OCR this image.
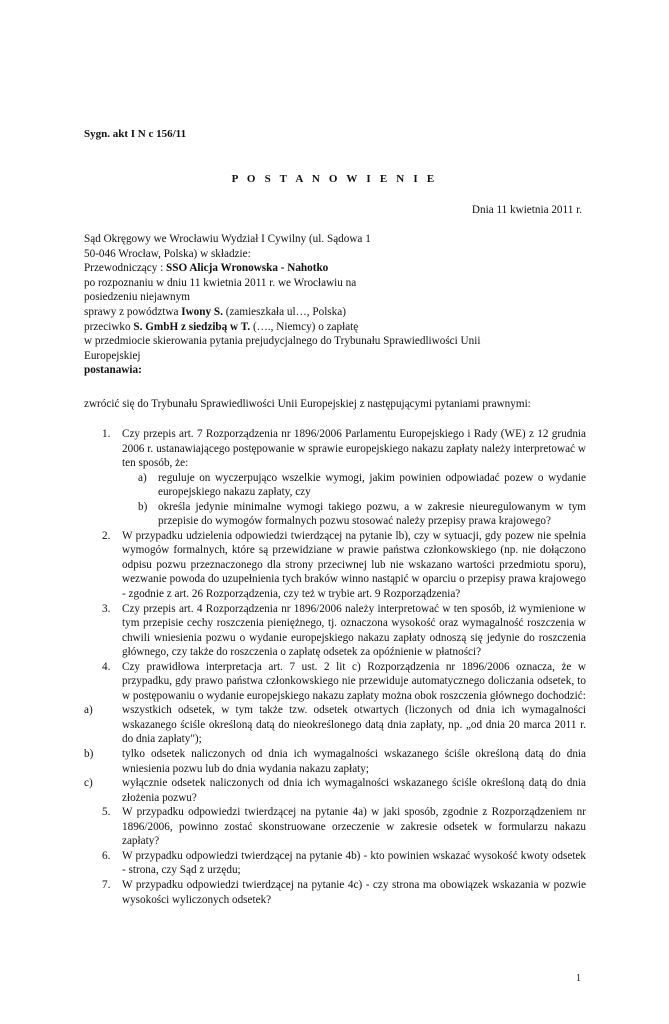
Sygn. akt I N c 156/11
P O S T A N O W I E N I E
Dnia 11 kwietnia 2011 r.
Sąd Okręgowy we Wrocławiu Wydział I Cywilny (ul. Sądowa 1
50-046 Wrocław, Polska) w składzie:
Przewodniczący : SSO Alicja Wronowska - Nahotko
po rozpoznaniu w dniu 11 kwietnia 2011 r. we Wrocławiu na
posiedzeniu niejawnym
sprawy z powództwa Iwony S. (zamieszkała ul…, Polska)
przeciwko S. GmbH z siedzibą w T. (…., Niemcy) o zapłatę
w przedmiocie skierowania pytania prejudycjalnego do Trybunału Sprawiedliwości Unii
Europejskiej
postanawia:
zwrócić się do Trybunału Sprawiedliwości Unii Europejskiej z następującymi pytaniami prawnymi:
1. Czy przepis art. 7 Rozporządzenia nr 1896/2006 Parlamentu Europejskiego i Rady (WE) z 12 grudnia 2006 r. ustanawiającego postępowanie w sprawie europejskiego nakazu zapłaty należy interpretować w ten sposób, że:
a) reguluje on wyczerpująco wszelkie wymogi, jakim powinien odpowiadać pozew o wydanie europejskiego nakazu zapłaty, czy
b) określa jedynie minimalne wymogi takiego pozwu, a w zakresie nieuregulowanym w tym przepisie do wymogów formalnych pozwu stosować należy przepisy prawa krajowego?
2. W przypadku udzielenia odpowiedzi twierdzącej na pytanie lb), czy w sytuacji, gdy pozew nie spełnia wymogów formalnych, które są przewidziane w prawie państwa członkowskiego (np. nie dołączono odpisu pozwu przeznaczonego dla strony przeciwnej lub nie wskazano wartości przedmiotu sporu), wezwanie powoda do uzupełnienia tych braków winno nastąpić w oparciu o przepisy prawa krajowego - zgodnie z art. 26 Rozporządzenia, czy też w trybie art. 9 Rozporządzenia?
3. Czy przepis art. 4 Rozporządzenia nr 1896/2006 należy interpretować w ten sposób, iż wymienione w tym przepisie cechy roszczenia pieniężnego, tj. oznaczona wysokość oraz wymagalność roszczenia w chwili wniesienia pozwu o wydanie europejskiego nakazu zapłaty odnoszą się jedynie do roszczenia głównego, czy także do roszczenia o zapłatę odsetek za opóźnienie w płatności?
4. Czy prawidłowa interpretacja art. 7 ust. 2 lit c) Rozporządzenia nr 1896/2006 oznacza, że w przypadku, gdy prawo państwa członkowskiego nie przewiduje automatycznego doliczania odsetek, to w postępowaniu o wydanie europejskiego nakazu zapłaty można obok roszczenia głównego dochodzić:
a)	wszystkich odsetek, w tym także tzw. odsetek otwartych (liczonych od dnia ich wymagalności wskazanego ściśle określoną datą do nieokreślonego datą dnia zapłaty, np. „od dnia 20 marca 2011 r. do dnia zapłaty");
b)	tylko odsetek naliczonych od dnia ich wymagalności wskazanego ściśle określoną datą do dnia wniesienia pozwu lub do dnia wydania nakazu zapłaty;
c)	wyłącznie odsetek naliczonych od dnia ich wymagalności wskazanego ściśle określoną datą do dnia złożenia pozwu?
5. W przypadku odpowiedzi twierdzącej na pytanie 4a) w jaki sposób, zgodnie z Rozporządzeniem nr 1896/2006, powinno zostać skonstruowane orzeczenie w zakresie odsetek w formularzu nakazu zapłaty?
6. W przypadku odpowiedzi twierdzącej na pytanie 4b) - kto powinien wskazać wysokość kwoty odsetek - strona, czy Sąd z urzędu;
7. W przypadku odpowiedzi twierdzącej na pytanie 4c) - czy strona ma obowiązek wskazania w pozwie wysokości wyliczonych odsetek?
1
